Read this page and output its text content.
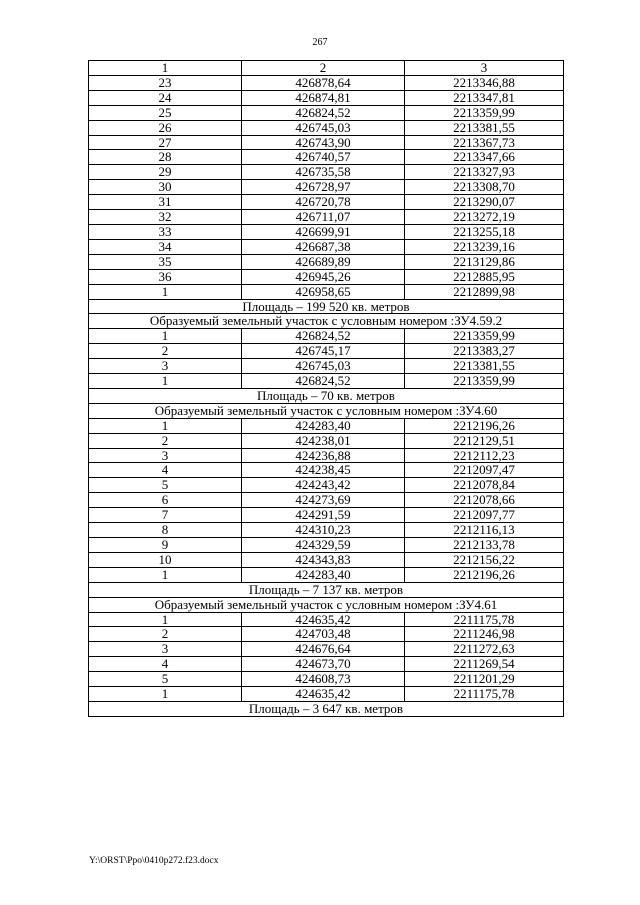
267
1	2	3
23	426878,64	2213346,88
24	426874,81	2213347,81
25	426824,52	2213359,99
26	426745,03	2213381,55
27	426743,90	2213367,73
28	426740,57	2213347,66
29	426735,58	2213327,93
30	426728,97	2213308,70
31	426720,78	2213290,07
32	426711,07	2213272,19
33	426699,91	2213255,18
34	426687,38	2213239,16
35	426689,89	2213129,86
36	426945,26	2212885,95
1	426958,65	2212899,98
Площадь – 199 520 кв. метров		
Образуемый земельный участок с условным номером :ЗУ4.59.2		
1	426824,52	2213359,99
2	426745,17	2213383,27
3	426745,03	2213381,55
1	426824,52	2213359,99
Площадь – 70 кв. метров		
Образуемый земельный участок с условным номером :ЗУ4.60		
1	424283,40	2212196,26
2	424238,01	2212129,51
3	424236,88	2212112,23
4	424238,45	2212097,47
5	424243,42	2212078,84
6	424273,69	2212078,66
7	424291,59	2212097,77
8	424310,23	2212116,13
9	424329,59	2212133,78
10	424343,83	2212156,22
1	424283,40	2212196,26
Площадь – 7 137 кв. метров		
Образуемый земельный участок с условным номером :ЗУ4.61		
1	424635,42	2211175,78
2	424703,48	2211246,98
3	424676,64	2211272,63
4	424673,70	2211269,54
5	424608,73	2211201,29
1	424635,42	2211175,78
Площадь – 3 647 кв. метров		
Y:\ORST\Ppo\0410p272.f23.docx
